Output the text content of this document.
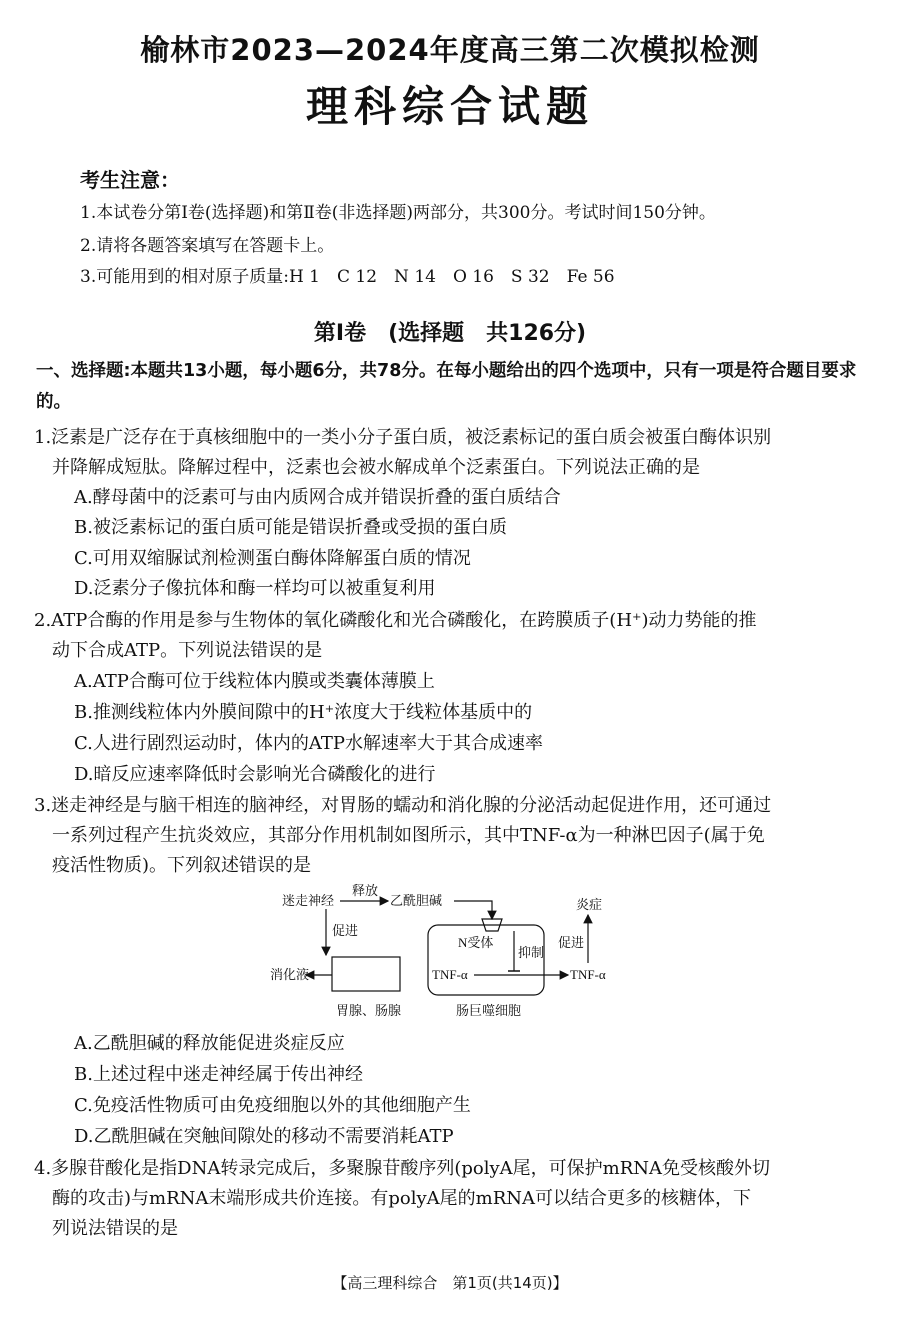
榆林市2023—2024年度高三第二次模拟检测
理科综合试题
考生注意：
1.本试卷分第Ⅰ卷(选择题)和第Ⅱ卷(非选择题)两部分，共300分。考试时间150分钟。
2.请将各题答案填写在答题卡上。
3.可能用到的相对原子质量:H 1　C 12　N 14　O 16　S 32　Fe 56
第Ⅰ卷　(选择题　共126分)
一、选择题:本题共13小题，每小题6分，共78分。在每小题给出的四个选项中，只有一项是符合题目要求的。
1.泛素是广泛存在于真核细胞中的一类小分子蛋白质，被泛素标记的蛋白质会被蛋白酶体识别
并降解成短肽。降解过程中，泛素也会被水解成单个泛素蛋白。下列说法正确的是
A.酵母菌中的泛素可与由内质网合成并错误折叠的蛋白质结合
B.被泛素标记的蛋白质可能是错误折叠或受损的蛋白质
C.可用双缩脲试剂检测蛋白酶体降解蛋白质的情况
D.泛素分子像抗体和酶一样均可以被重复利用
2.ATP合酶的作用是参与生物体的氧化磷酸化和光合磷酸化，在跨膜质子(H⁺)动力势能的推
动下合成ATP。下列说法错误的是
A.ATP合酶可位于线粒体内膜或类囊体薄膜上
B.推测线粒体内外膜间隙中的H⁺浓度大于线粒体基质中的
C.人进行剧烈运动时，体内的ATP水解速率大于其合成速率
D.暗反应速率降低时会影响光合磷酸化的进行
3.迷走神经是与脑干相连的脑神经，对胃肠的蠕动和消化腺的分泌活动起促进作用，还可通过
一系列过程产生抗炎效应，其部分作用机制如图所示，其中TNF-α为一种淋巴因子(属于免
疫活性物质)。下列叙述错误的是
迷走神经
释放
乙酰胆碱
促进
消化液
胃腺、肠腺
N受体
抑制
TNF-α	TNF-α
肠巨噬细胞
促进
炎症
A.乙酰胆碱的释放能促进炎症反应
B.上述过程中迷走神经属于传出神经
C.免疫活性物质可由免疫细胞以外的其他细胞产生
D.乙酰胆碱在突触间隙处的移动不需要消耗ATP
4.多腺苷酸化是指DNA转录完成后，多聚腺苷酸序列(polyA尾，可保护mRNA免受核酸外切
酶的攻击)与mRNA末端形成共价连接。有polyA尾的mRNA可以结合更多的核糖体，下
列说法错误的是
【高三理科综合　第1页(共14页)】
